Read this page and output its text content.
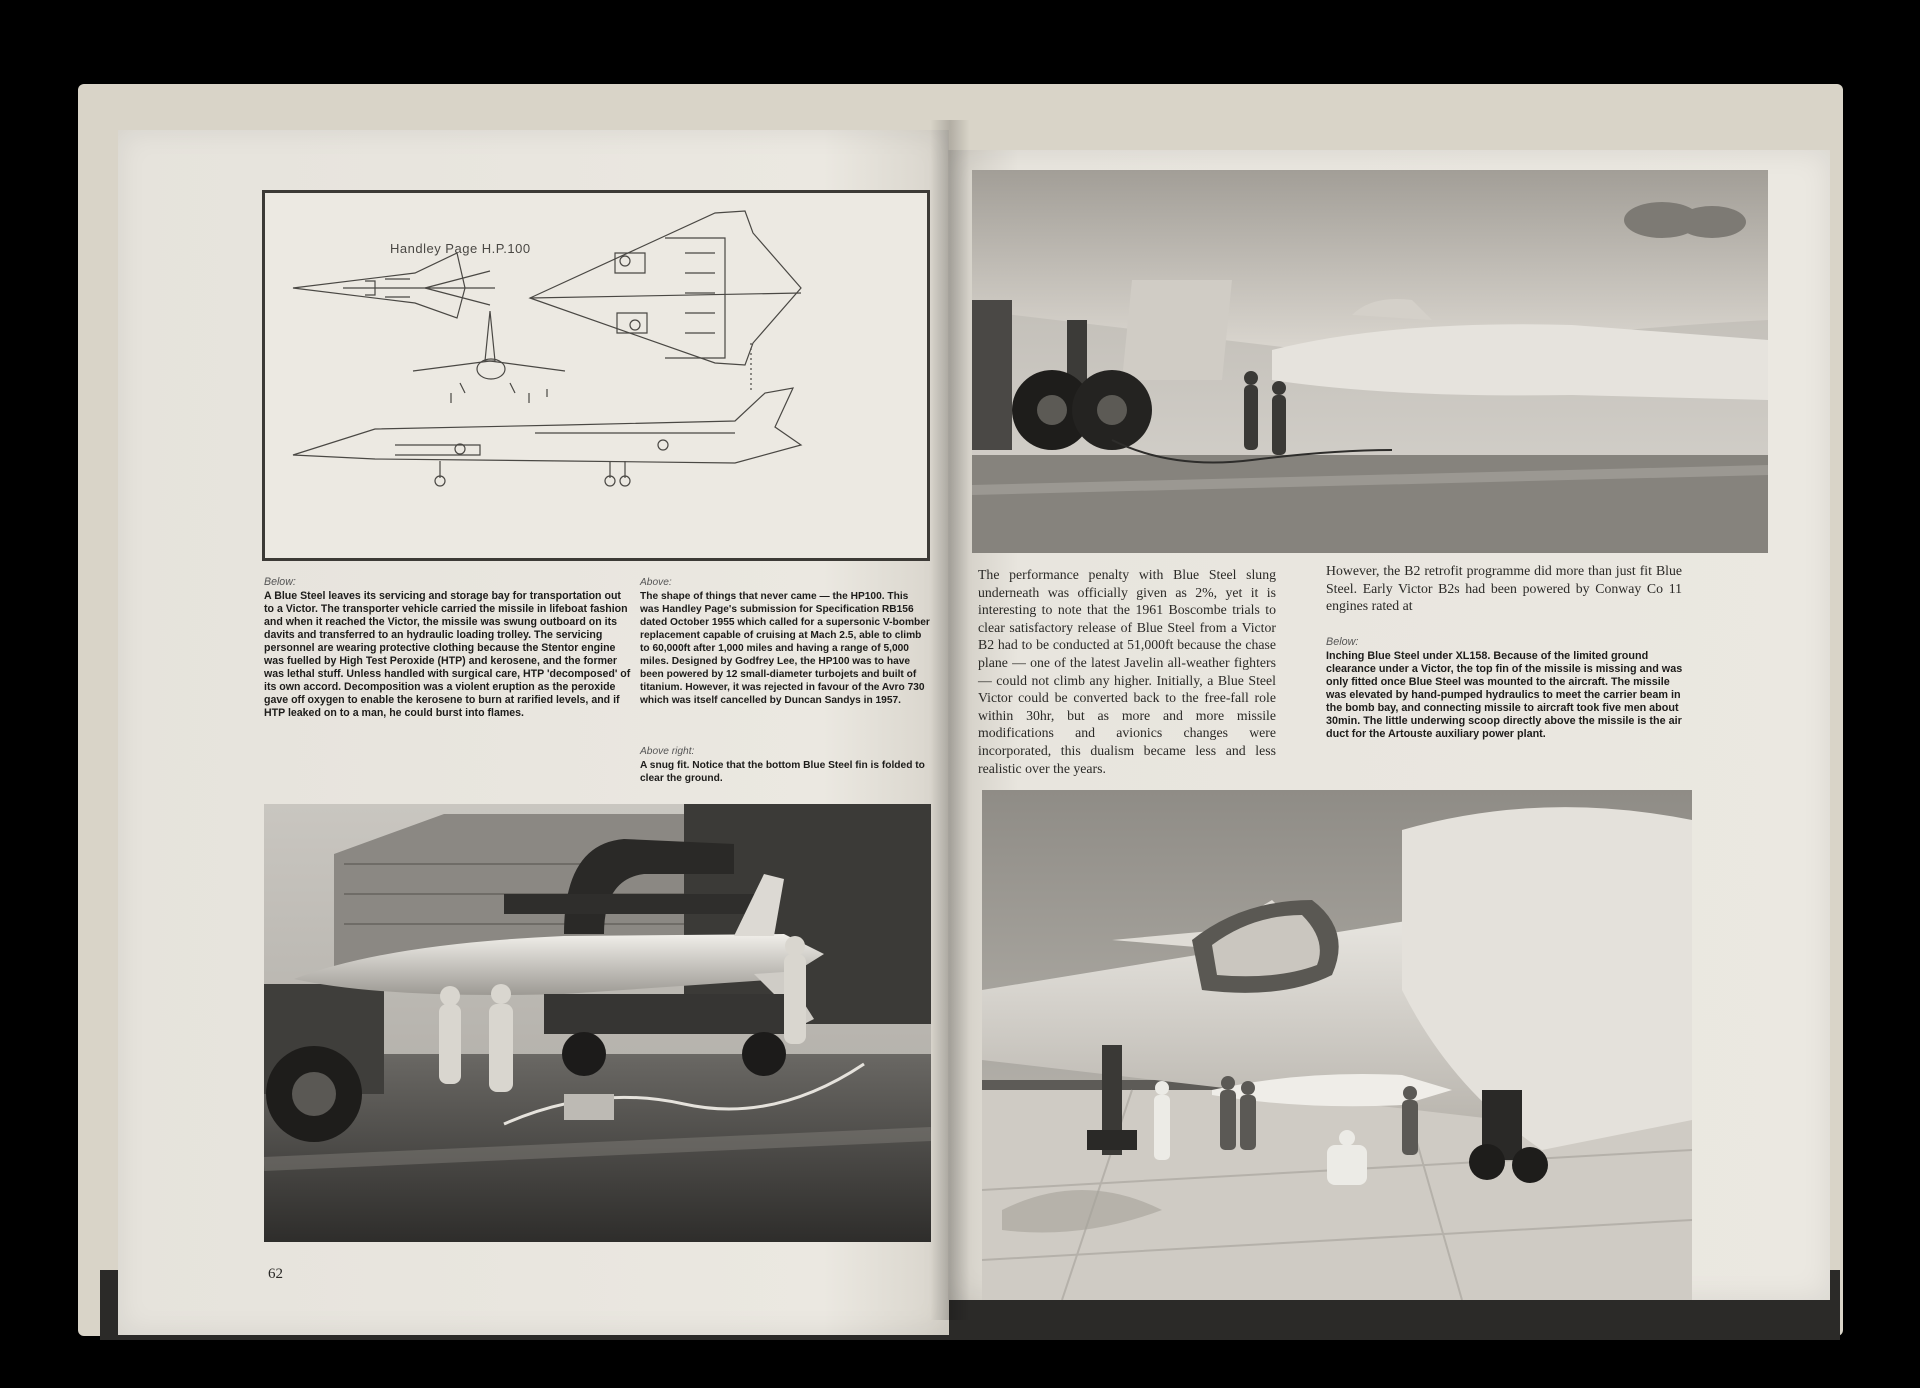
Handley Page H.P.100
Below:
A Blue Steel leaves its servicing and storage bay for transportation out to a Victor. The transporter vehicle carried the missile in lifeboat fashion and when it reached the Victor, the missile was swung outboard on its davits and transferred to an hydraulic loading trolley. The servicing personnel are wearing protective clothing because the Stentor engine was fuelled by High Test Peroxide (HTP) and kerosene, and the former was lethal stuff. Unless handled with surgical care, HTP 'decomposed' of its own accord. Decomposition was a violent eruption as the peroxide gave off oxygen to enable the kerosene to burn at rarified levels, and if HTP leaked on to a man, he could burst into flames.
Above:
The shape of things that never came — the HP100. This was Handley Page's submission for Specification RB156 dated October 1955 which called for a supersonic V-bomber replacement capable of cruising at Mach 2.5, able to climb to 60,000ft after 1,000 miles and having a range of 5,000 miles. Designed by Godfrey Lee, the HP100 was to have been powered by 12 small-diameter turbojets and built of titanium. However, it was rejected in favour of the Avro 730 which was itself cancelled by Duncan Sandys in 1957.
Above right:
A snug fit. Notice that the bottom Blue Steel fin is folded to clear the ground.
62
The performance penalty with Blue Steel slung underneath was officially given as 2%, yet it is interesting to note that the 1961 Boscombe trials to clear satisfactory release of Blue Steel from a Victor B2 had to be conducted at 51,000ft because the chase plane — one of the latest Javelin all-weather fighters — could not climb any higher. Initially, a Blue Steel Victor could be converted back to the free-fall role within 30hr, but as more and more missile modifications and avionics changes were incorporated, this dualism became less and less realistic over the years.
However, the B2 retrofit programme did more than just fit Blue Steel. Early Victor B2s had been powered by Conway Co 11 engines rated at
Below:
Inching Blue Steel under XL158. Because of the limited ground clearance under a Victor, the top fin of the missile is missing and was only fitted once Blue Steel was mounted to the aircraft. The missile was elevated by hand-pumped hydraulics to meet the carrier beam in the bomb bay, and connecting missile to aircraft took five men about 30min. The little underwing scoop directly above the missile is the air duct for the Artouste auxiliary power plant.
